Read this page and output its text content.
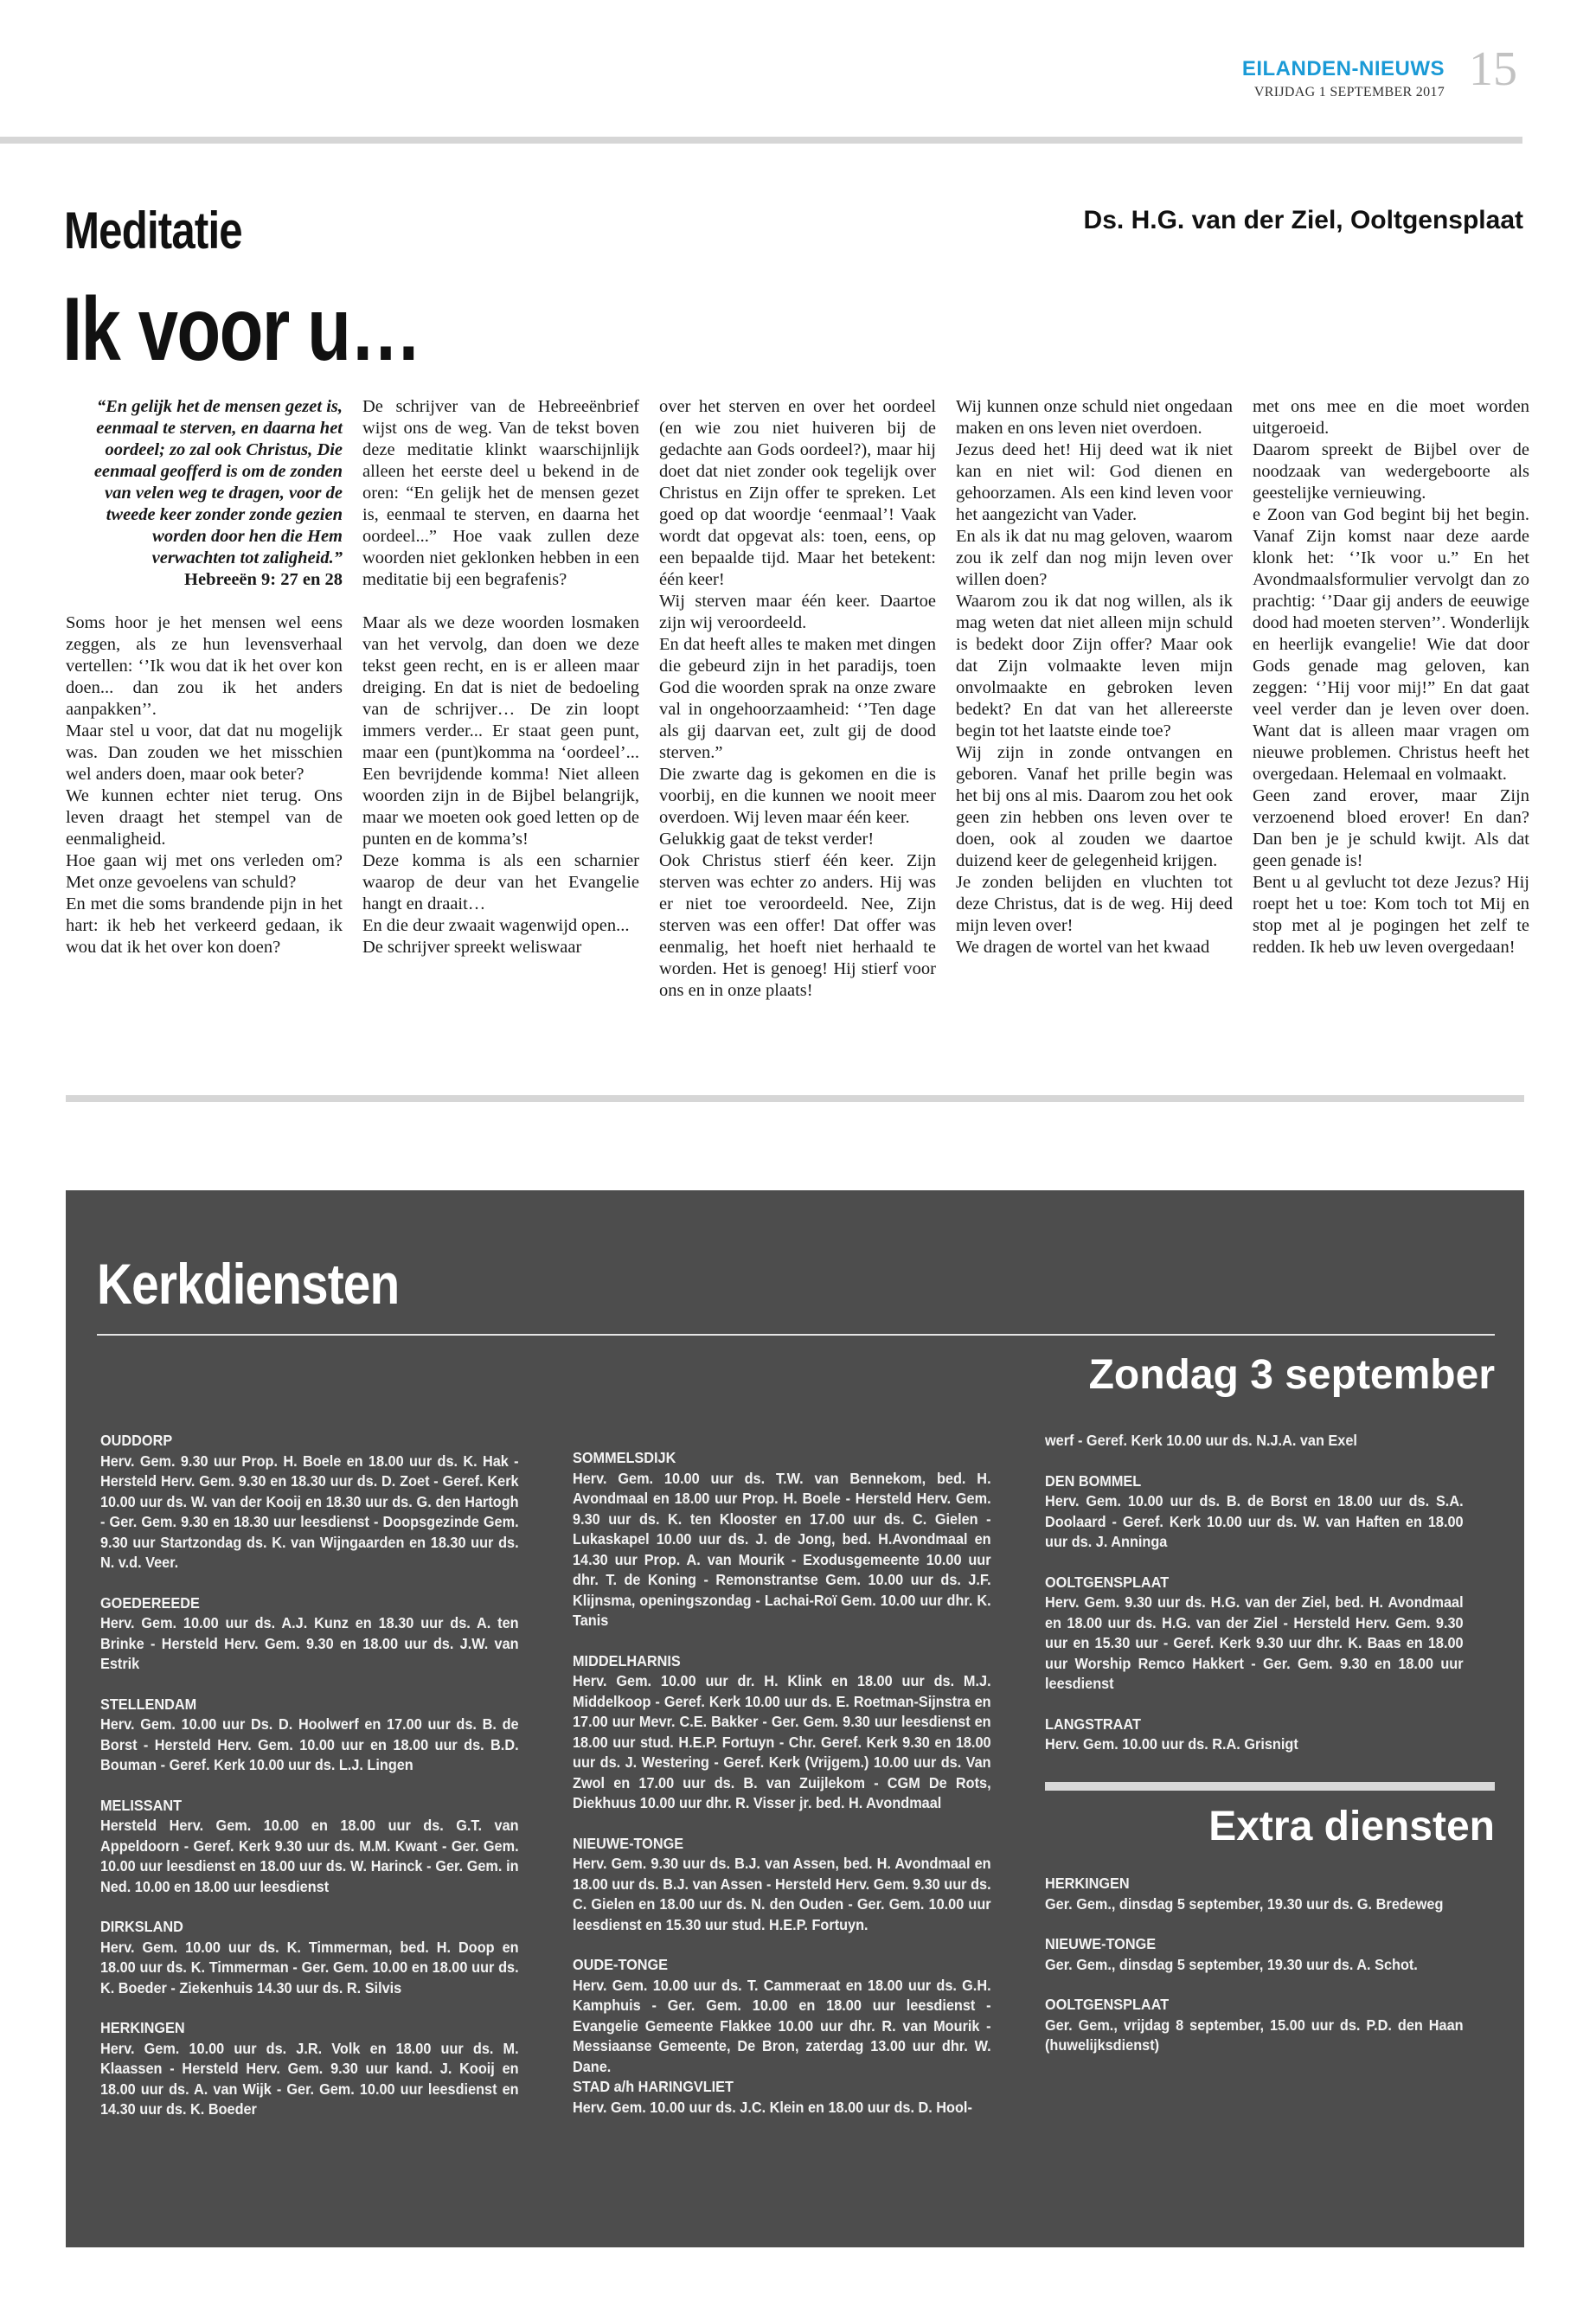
EILANDEN-NIEUWS
VRIJDAG 1 SEPTEMBER 2017 15
Meditatie	Ds. H.G. van der Ziel, Ooltgensplaat
Ik voor u…

“En gelijk het de mensen gezet is, eenmaal te sterven, en daarna het oordeel; zo zal ook Christus, Die eenmaal geofferd is om de zonden van velen weg te dragen, voor de tweede keer zonder zonde gezien worden door hen die Hem verwachten tot zaligheid.”

Hebreeën 9: 27 en 28

Soms hoor je het mensen wel eens zeggen, als ze hun levensverhaal vertellen: ‘’Ik wou dat ik het over kon doen... dan zou ik het anders aanpakken’’.

Maar stel u voor, dat dat nu mogelijk was. Dan zouden we het misschien wel anders doen, maar ook beter?

We kunnen echter niet terug. Ons leven draagt het stempel van de eenmaligheid.

Hoe gaan wij met ons verleden om? Met onze gevoelens van schuld?

En met die soms brandende pijn in het hart: ik heb het verkeerd gedaan, ik wou dat ik het over kon doen?

De schrijver van de Hebreeënbrief wijst ons de weg. Van de tekst boven deze meditatie klinkt waarschijnlijk alleen het eerste deel u bekend in de oren: “En gelijk het de mensen gezet is, eenmaal te sterven, en daarna het oordeel...” Hoe vaak zullen deze woorden niet geklonken hebben in een meditatie bij een begrafenis?

Maar als we deze woorden losmaken van het vervolg, dan doen we deze tekst geen recht, en is er alleen maar dreiging. En dat is niet de bedoeling van de schrijver… De zin loopt immers verder... Er staat geen punt, maar een (punt)komma na ‘oordeel’... Een bevrijdende komma! Niet alleen woorden zijn in de Bijbel belangrijk, maar we moeten ook goed letten op de punten en de komma’s!

Deze komma is als een scharnier waarop de deur van het Evangelie hangt en draait…

En die deur zwaait wagenwijd open...

De schrijver spreekt weliswaar

over het sterven en over het oordeel (en wie zou niet huiveren bij de gedachte aan Gods oordeel?), maar hij doet dat niet zonder ook tegelijk over Christus en Zijn offer te spreken. Let goed op dat woordje ‘eenmaal’! Vaak wordt dat opgevat als: toen, eens, op een bepaalde tijd. Maar het betekent: één keer!

Wij sterven maar één keer. Daartoe zijn wij veroordeeld.

En dat heeft alles te maken met dingen die gebeurd zijn in het paradijs, toen God die woorden sprak na onze zware val in ongehoorzaamheid: ‘’Ten dage als gij daarvan eet, zult gij de dood sterven.”

Die zwarte dag is gekomen en die is voorbij, en die kunnen we nooit meer overdoen. Wij leven maar één keer.

Gelukkig gaat de tekst verder!

Ook Christus stierf één keer. Zijn sterven was echter zo anders. Hij was er niet toe veroordeeld. Nee, Zijn sterven was een offer! Dat offer was eenmalig, het hoeft niet herhaald te worden. Het is genoeg! Hij stierf voor ons en in onze plaats!

Wij kunnen onze schuld niet ongedaan maken en ons leven niet overdoen.

Jezus deed het! Hij deed wat ik niet kan en niet wil: God dienen en gehoorzamen. Als een kind leven voor het aangezicht van Vader.

En als ik dat nu mag geloven, waarom zou ik zelf dan nog mijn leven over willen doen?

Waarom zou ik dat nog willen, als ik mag weten dat niet alleen mijn schuld is bedekt door Zijn offer? Maar ook dat Zijn volmaakte leven mijn onvolmaakte en gebroken leven bedekt? En dat van het allereerste begin tot het laatste einde toe?

Wij zijn in zonde ontvangen en geboren. Vanaf het prille begin was het bij ons al mis. Daarom zou het ook geen zin hebben ons leven over te doen, ook al zouden we daartoe duizend keer de gelegenheid krijgen.

Je zonden belijden en vluchten tot deze Christus, dat is de weg. Hij deed mijn leven over!

We dragen de wortel van het kwaad

met ons mee en die moet worden uitgeroeid.

Daarom spreekt de Bijbel over de noodzaak van wedergeboorte als geestelijke vernieuwing.

e Zoon van God begint bij het begin. Vanaf Zijn komst naar deze aarde klonk het: ‘’Ik voor u.” En het Avondmaalsformulier vervolgt dan zo prachtig: ‘’Daar gij anders de eeuwige dood had moeten sterven’’. Wonderlijk en heerlijk evangelie! Wie dat door Gods genade mag geloven, kan zeggen: ‘’Hij voor mij!” En dat gaat veel verder dan je leven over doen. Want dat is alleen maar vragen om nieuwe problemen. Christus heeft het overgedaan. Helemaal en volmaakt.

Geen zand erover, maar Zijn verzoenend bloed erover! En dan? Dan ben je je schuld kwijt. Als dat geen genade is!

Bent u al gevlucht tot deze Jezus? Hij roept het u toe: Kom toch tot Mij en stop met al je pogingen het zelf te redden. Ik heb uw leven overgedaan!

Kerkdiensten
Zondag 3 september
OUDDORP
Herv. Gem. 9.30 uur Prop. H. Boele en 18.00 uur ds. K. Hak - Hersteld Herv. Gem. 9.30 en 18.30 uur ds. D. Zoet - Geref. Kerk 10.00 uur ds. W. van der Kooij en 18.30 uur ds. G. den Hartogh - Ger. Gem. 9.30 en 18.30 uur leesdienst - Doopsgezinde Gem. 9.30 uur Startzondag ds. K. van Wijngaarden en 18.30 uur ds. N. v.d. Veer.
GOEDEREEDE
Herv. Gem. 10.00 uur ds. A.J. Kunz en 18.30 uur ds. A. ten Brinke - Hersteld Herv. Gem. 9.30 en 18.00 uur ds. J.W. van Estrik
STELLENDAM
Herv. Gem. 10.00 uur Ds. D. Hoolwerf en 17.00 uur ds. B. de Borst - Hersteld Herv. Gem. 10.00 uur en 18.00 uur ds. B.D. Bouman - Geref. Kerk 10.00 uur ds. L.J. Lingen
MELISSANT
Hersteld Herv. Gem. 10.00 en 18.00 uur ds. G.T. van Appeldoorn - Geref. Kerk 9.30 uur ds. M.M. Kwant - Ger. Gem. 10.00 uur leesdienst en 18.00 uur ds. W. Harinck - Ger. Gem. in Ned. 10.00 en 18.00 uur leesdienst
DIRKSLAND
Herv. Gem. 10.00 uur ds. K. Timmerman, bed. H. Doop en 18.00 uur ds. K. Timmerman - Ger. Gem. 10.00 en 18.00 uur ds. K. Boeder - Ziekenhuis 14.30 uur ds. R. Silvis
HERKINGEN
Herv. Gem. 10.00 uur ds. J.R. Volk en 18.00 uur ds. M. Klaassen - Hersteld Herv. Gem. 9.30 uur kand. J. Kooij en 18.00 uur ds. A. van Wijk - Ger. Gem. 10.00 uur leesdienst en 14.30 uur ds. K. Boeder
SOMMELSDIJK
Herv. Gem. 10.00 uur ds. T.W. van Bennekom, bed. H. Avondmaal en 18.00 uur Prop. H. Boele - Hersteld Herv. Gem. 9.30 uur ds. K. ten Klooster en 17.00 uur ds. C. Gielen - Lukaskapel 10.00 uur ds. J. de Jong, bed. H.Avondmaal en 14.30 uur Prop. A. van Mourik - Exodusgemeente 10.00 uur dhr. T. de Koning - Remonstrantse Gem. 10.00 uur ds. J.F. Klijnsma, openingszondag - Lachai-Roï Gem. 10.00 uur dhr. K. Tanis
MIDDELHARNIS
Herv. Gem. 10.00 uur dr. H. Klink en 18.00 uur ds. M.J. Middelkoop - Geref. Kerk 10.00 uur ds. E. Roetman-Sijnstra en 17.00 uur Mevr. C.E. Bakker - Ger. Gem. 9.30 uur leesdienst en 18.00 uur stud. H.E.P. Fortuyn - Chr. Geref. Kerk 9.30 en 18.00 uur ds. J. Westering - Geref. Kerk (Vrijgem.) 10.00 uur ds. Van Zwol en 17.00 uur ds. B. van Zuijlekom - CGM De Rots, Diekhuus 10.00 uur dhr. R. Visser jr. bed. H. Avondmaal
NIEUWE-TONGE
Herv. Gem. 9.30 uur ds. B.J. van Assen, bed. H. Avondmaal en 18.00 uur ds. B.J. van Assen - Hersteld Herv. Gem. 9.30 uur ds. C. Gielen en 18.00 uur ds. N. den Ouden - Ger. Gem. 10.00 uur leesdienst en 15.30 uur stud. H.E.P. Fortuyn.
OUDE-TONGE
Herv. Gem. 10.00 uur ds. T. Cammeraat en 18.00 uur ds. G.H. Kamphuis - Ger. Gem. 10.00 en 18.00 uur leesdienst - Evangelie Gemeente Flakkee 10.00 uur dhr. R. van Mourik - Messiaanse Gemeente, De Bron, zaterdag 13.00 uur dhr. W. Dane.
STAD a/h HARINGVLIET
Herv. Gem. 10.00 uur ds. J.C. Klein en 18.00 uur ds. D. Hool-
werf - Geref. Kerk 10.00 uur ds. N.J.A. van Exel
DEN BOMMEL
Herv. Gem. 10.00 uur ds. B. de Borst en 18.00 uur ds. S.A. Doolaard - Geref. Kerk 10.00 uur ds. W. van Haften en 18.00 uur ds. J. Anninga
OOLTGENSPLAAT
Herv. Gem. 9.30 uur ds. H.G. van der Ziel, bed. H. Avondmaal en 18.00 uur ds. H.G. van der Ziel - Hersteld Herv. Gem. 9.30 uur en 15.30 uur - Geref. Kerk 9.30 uur dhr. K. Baas en 18.00 uur Worship Remco Hakkert - Ger. Gem. 9.30 en 18.00 uur leesdienst
LANGSTRAAT
Herv. Gem. 10.00 uur ds. R.A. Grisnigt
Extra diensten
HERKINGEN
Ger. Gem., dinsdag 5 september, 19.30 uur ds. G. Bredeweg
NIEUWE-TONGE
Ger. Gem., dinsdag 5 september, 19.30 uur ds. A. Schot.
OOLTGENSPLAAT
Ger. Gem., vrijdag 8 september, 15.00 uur ds. P.D. den Haan (huwelijksdienst)
